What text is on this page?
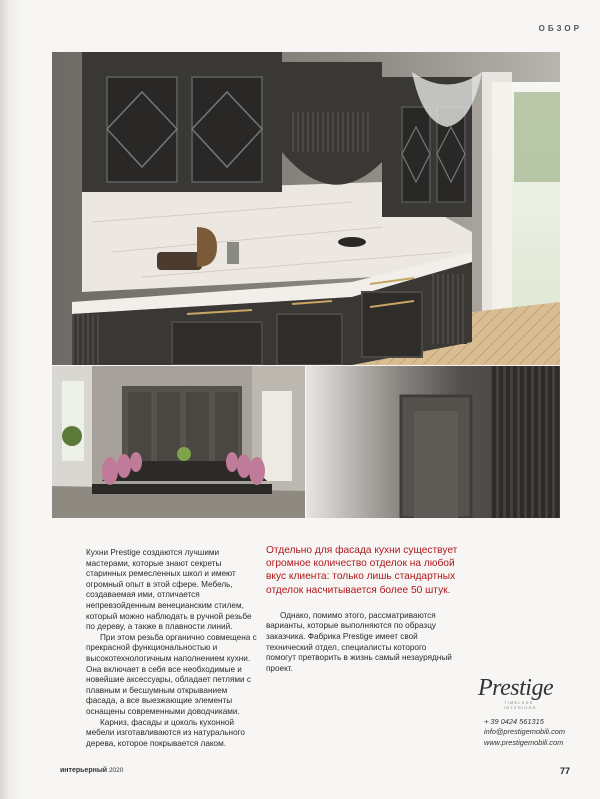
ОБЗОР

Кухни Prestige создаются лучшими мастерами, которые знают секреты старинных ремесленных школ и имеют огромный опыт в этой сфере. Мебель, создаваемая ими, отличается непревзойденным венецианским стилем, который можно наблюдать в ручной резьбе по дереву, а также в плавности линий.

При этом резьба органично совмещена с прекрасной функциональностью и высокотехнологичным наполнением кухни. Она включает в себя все необходимые и новейшие аксессуары, обладает петлями с плавным и бесшумным открыванием фасада, а все выезжающие элементы оснащены современными доводчиками.

Карниз, фасады и цоколь кухонной мебели изготавливаются из натурального дерева, которое покрывается лаком.

Отдельно для фасада кухни существует огромное количество отделок на любой вкус клиента: только лишь стандартных отделок насчитывается более 50 штук.

Однако, помимо этого, рассматриваются варианты, которые выполняются по образцу заказчика. Фабрика Prestige имеет свой технический отдел, специалисты которого помогут претворить в жизнь самый незаурядный проект.

Prestige
TIMELESS INTERIORS
+ 39 0424 561315
info@prestigemobili.com
www.prestigemobili.com
интерьерный 2020	77
